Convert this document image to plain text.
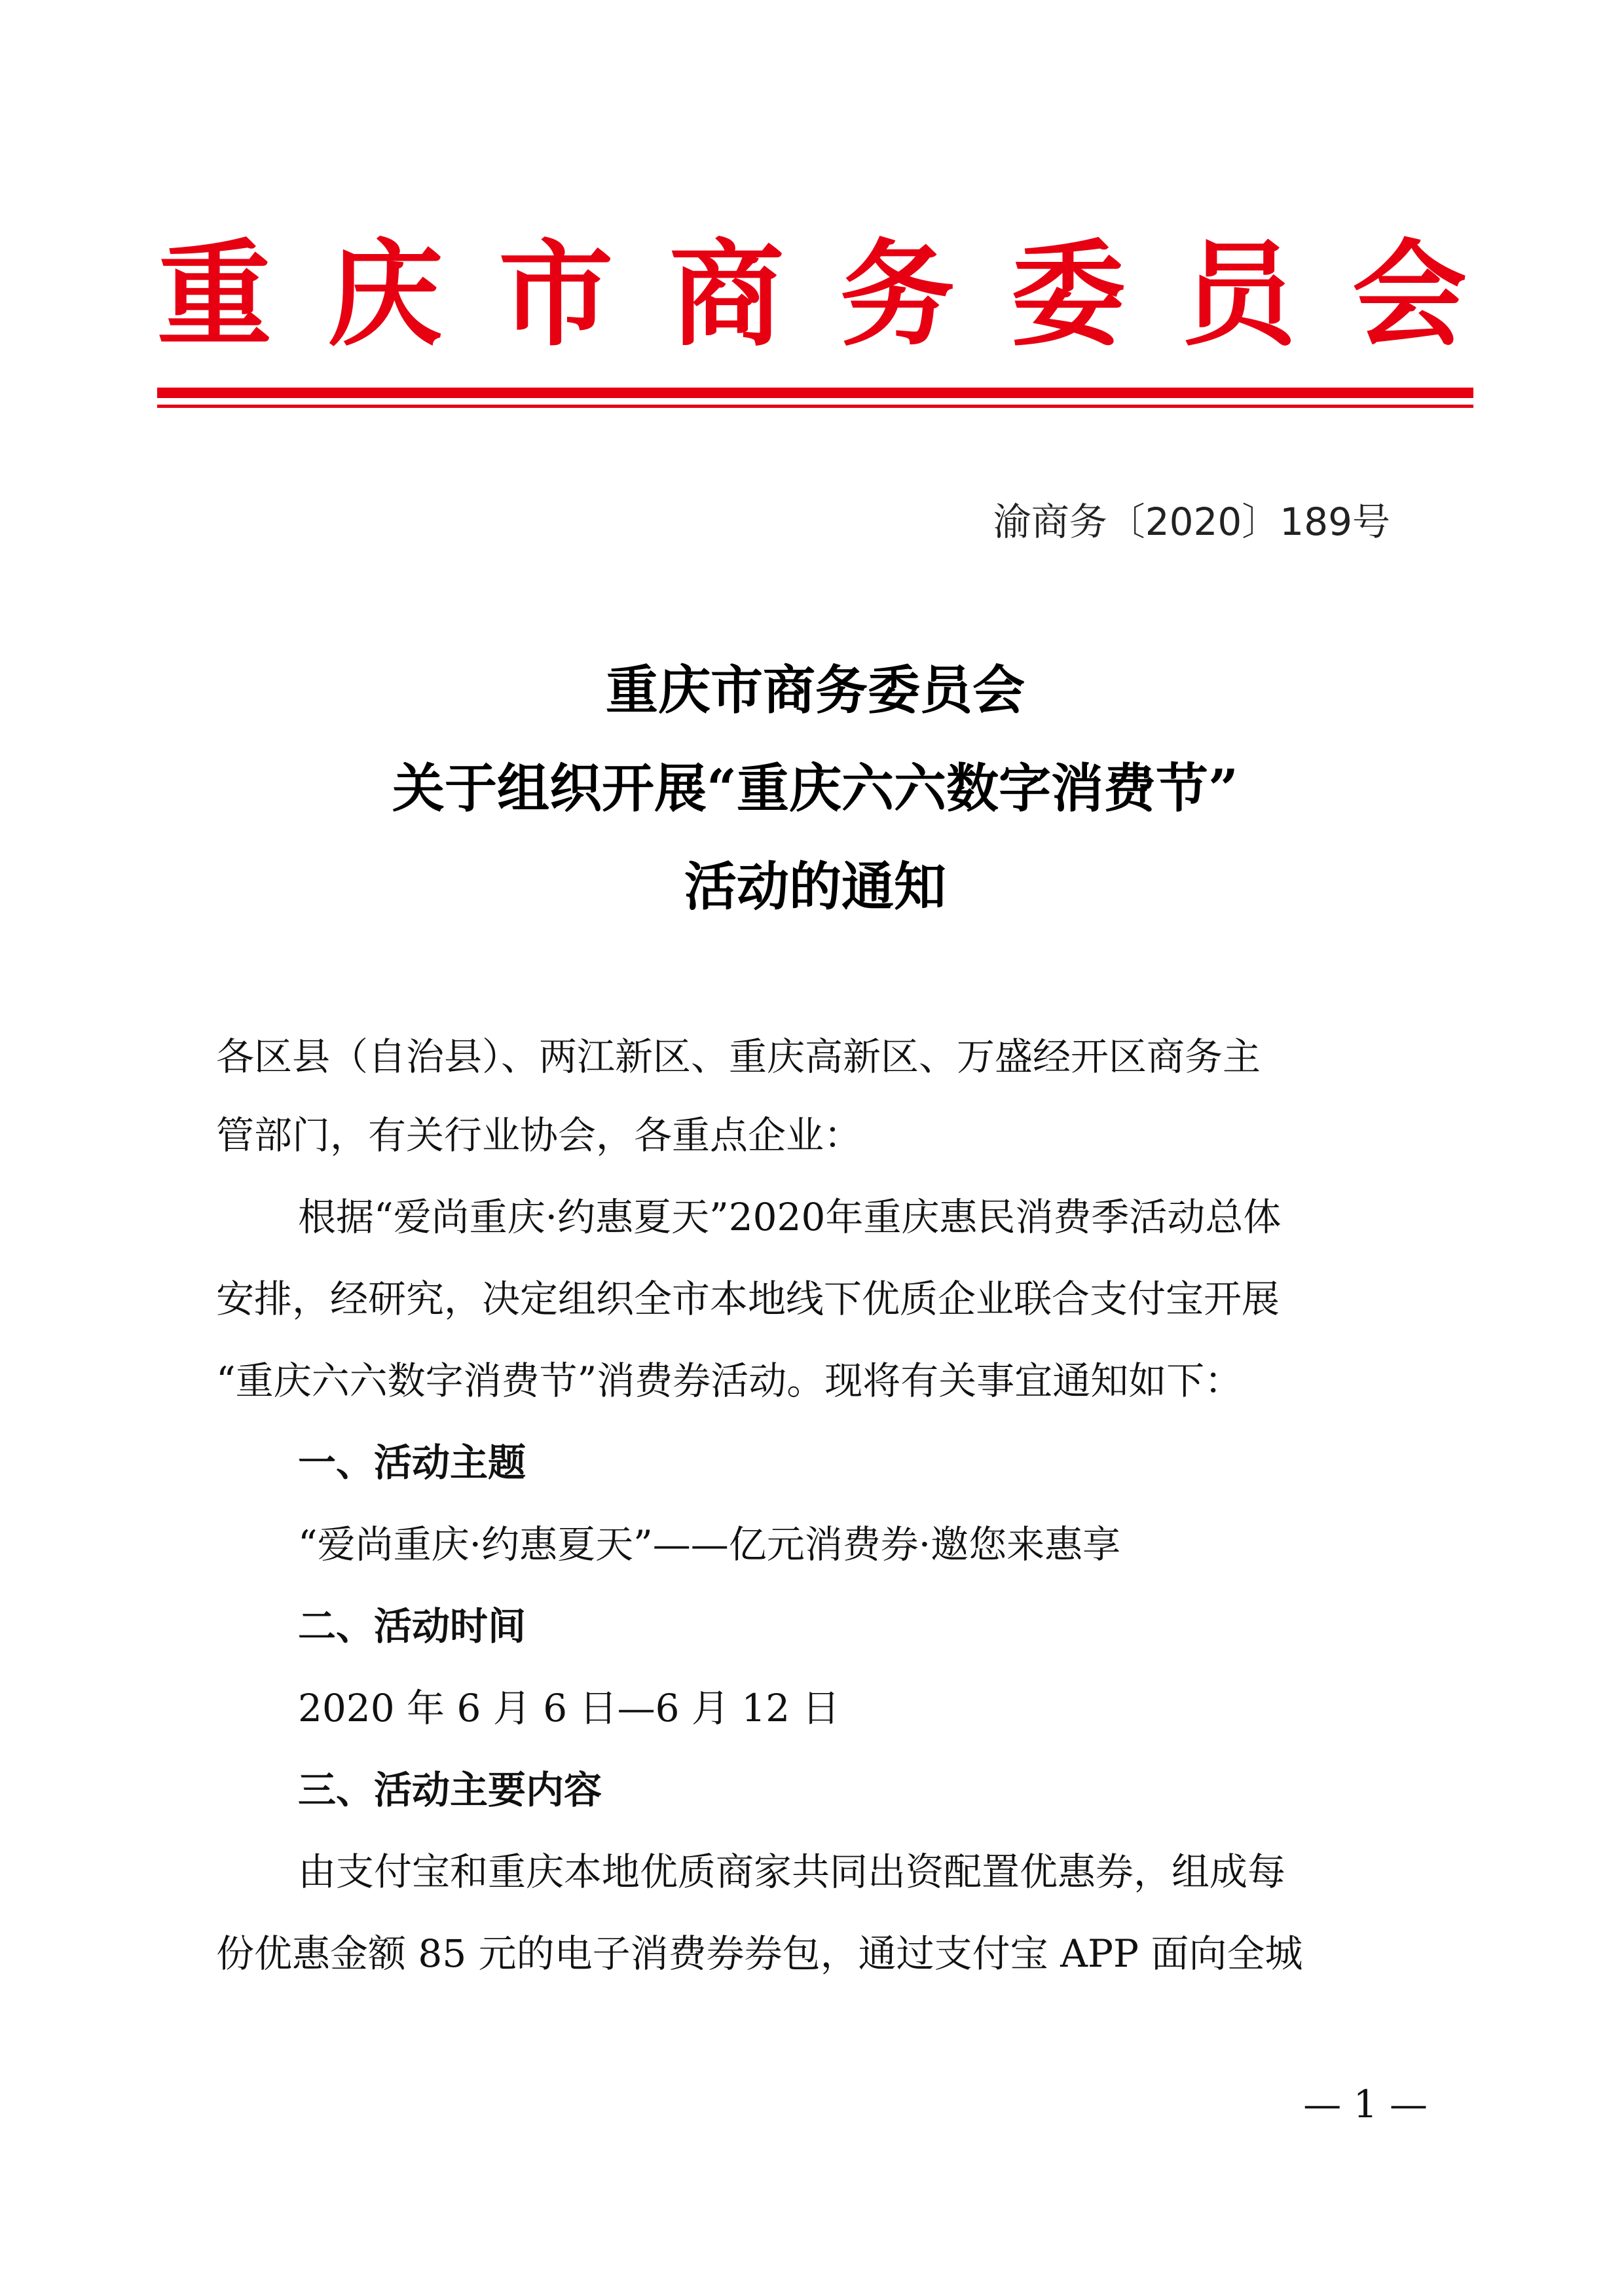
重 庆 市 商 务 委 员 会
渝商务〔2020〕189号
重庆市商务委员会
关于组织开展“重庆六六数字消费节”
活动的通知
各区县（自治县）、两江新区、重庆高新区、万盛经开区商务主
管部门，有关行业协会，各重点企业：
根据“爱尚重庆·约惠夏天”2020年重庆惠民消费季活动总体
安排，经研究，决定组织全市本地线下优质企业联合支付宝开展
“重庆六六数字消费节”消费券活动。现将有关事宜通知如下：
一、活动主题
“爱尚重庆·约惠夏天”——亿元消费券·邀您来惠享
二、活动时间
2020 年 6 月 6 日—6 月 12 日
三、活动主要内容
由支付宝和重庆本地优质商家共同出资配置优惠券，组成每
份优惠金额 85 元的电子消费券券包，通过支付宝 APP 面向全城
— 1 —
